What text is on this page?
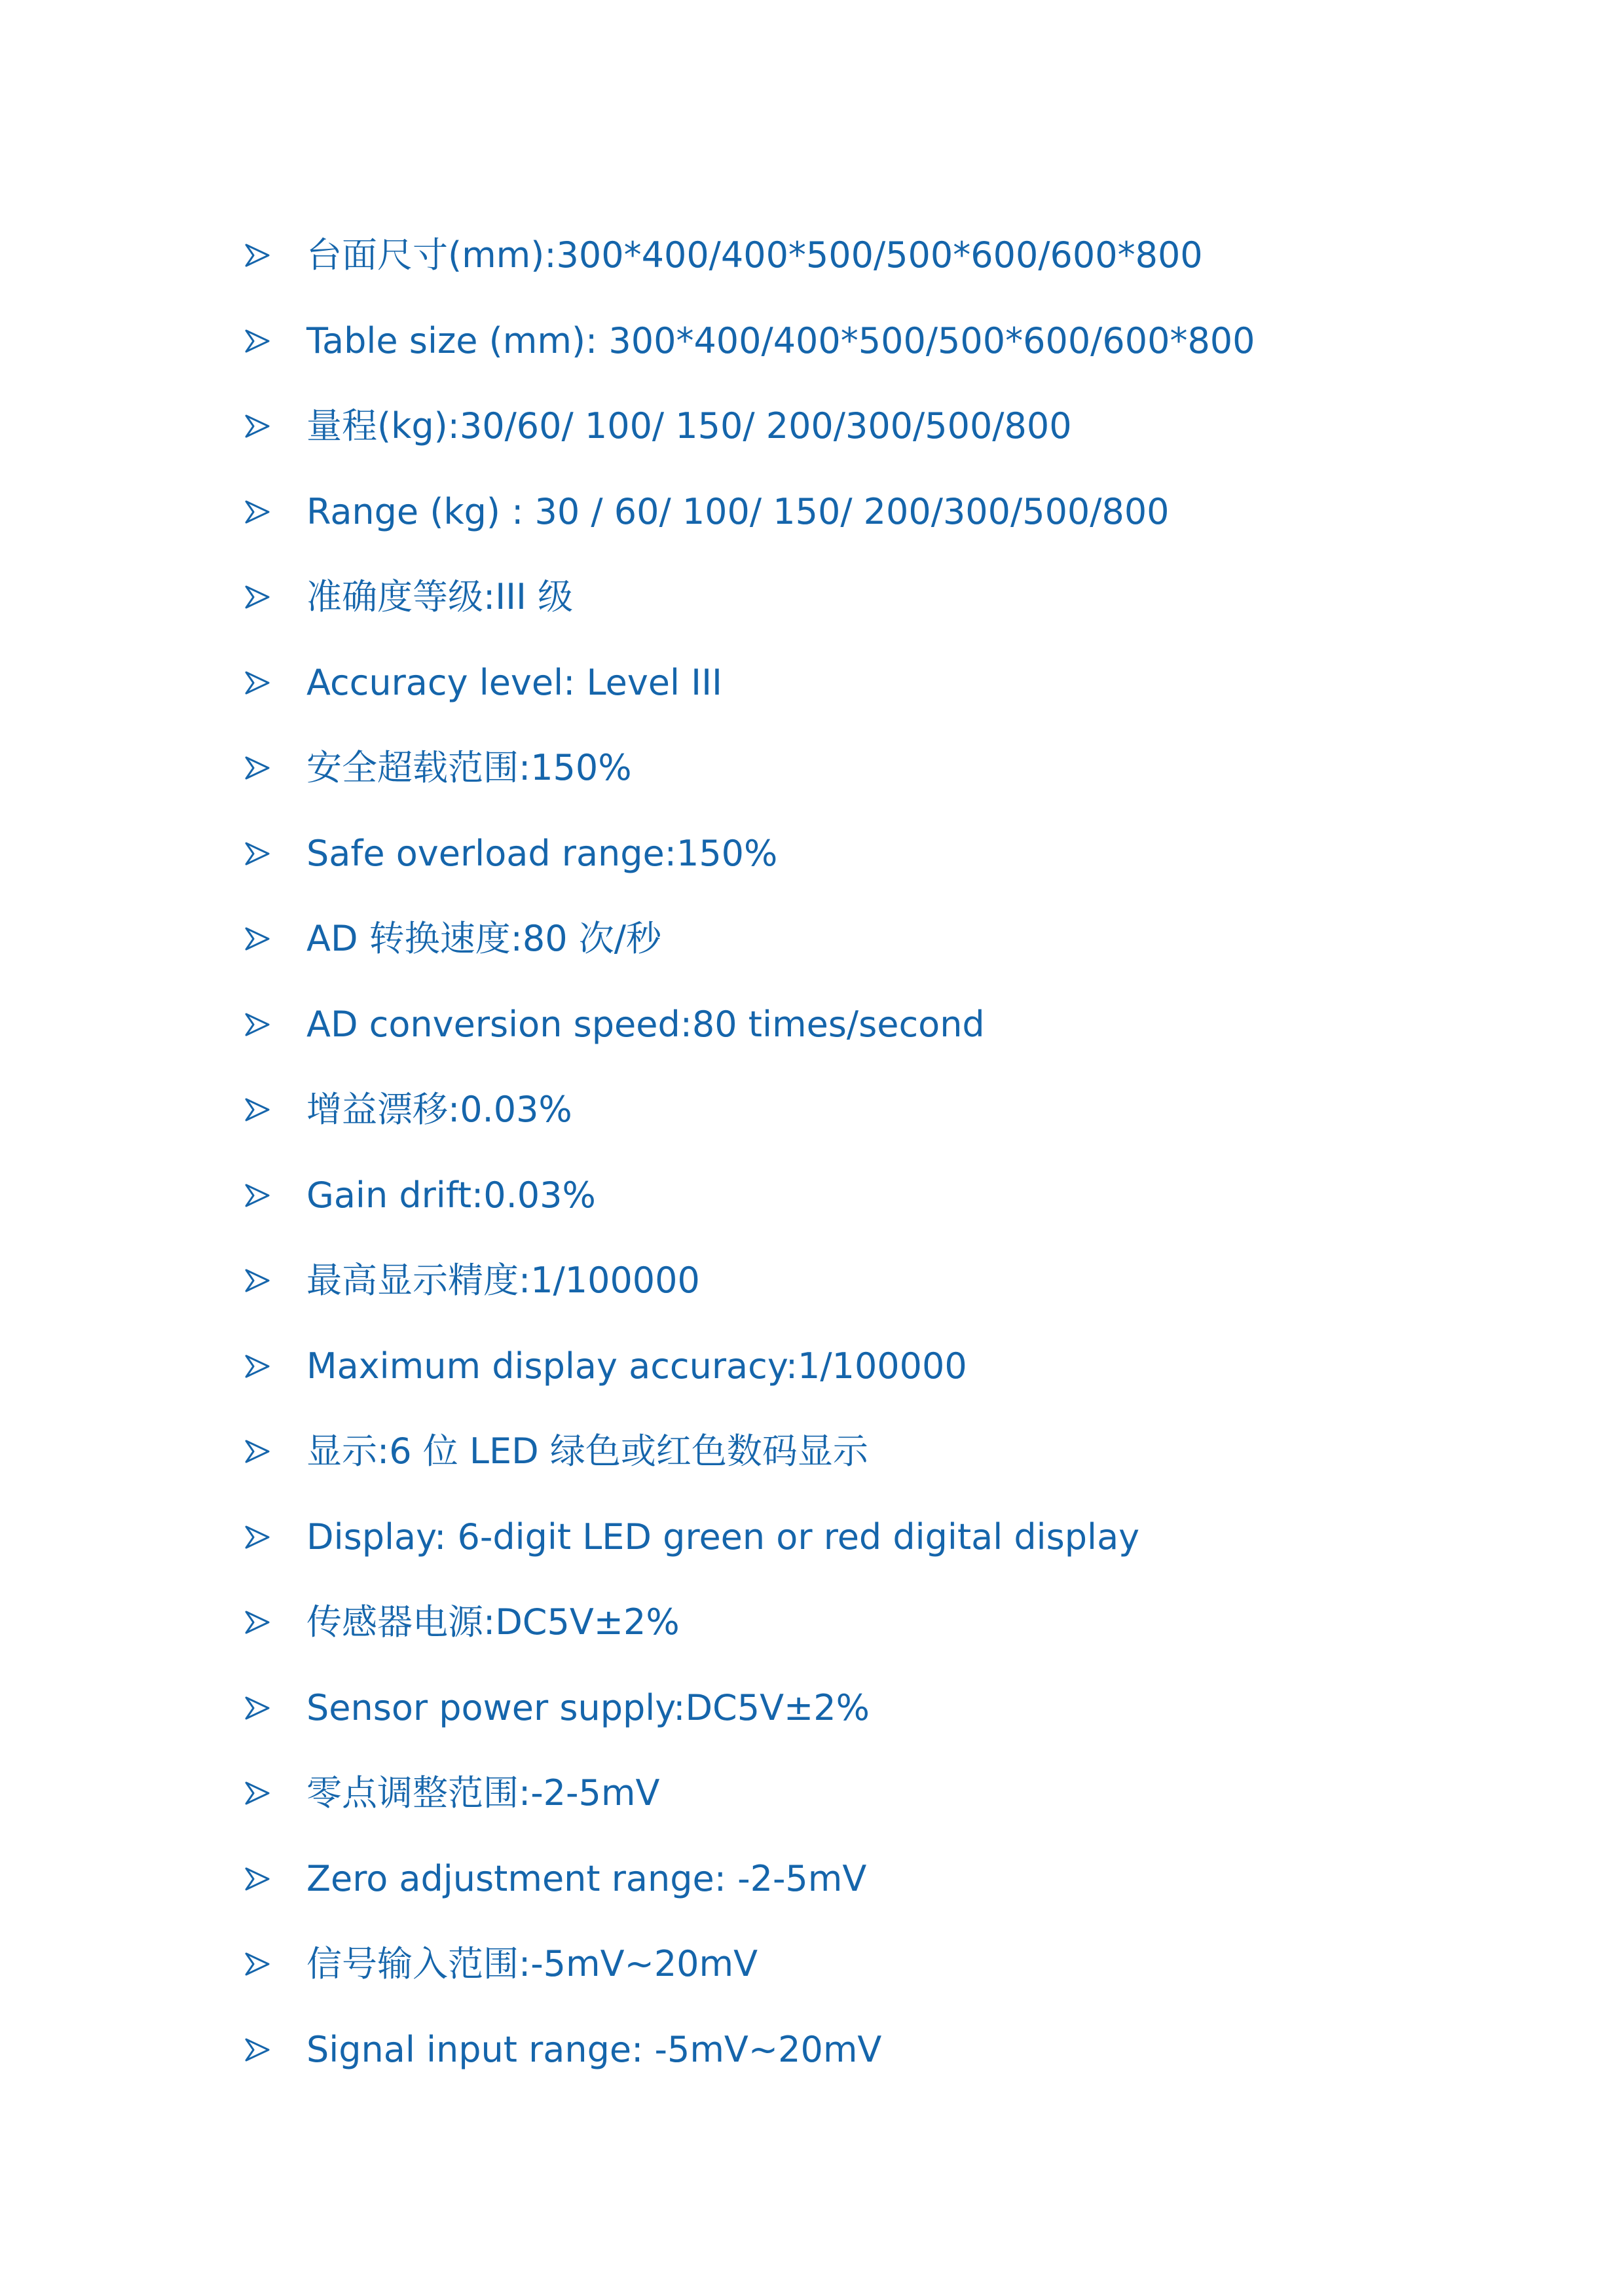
台面尺寸(mm):300*400/400*500/500*600/600*800
Table size (mm): 300*400/400*500/500*600/600*800
量程(kg):30/60/ 100/ 150/ 200/300/500/800
Range (kg) : 30 / 60/ 100/ 150/ 200/300/500/800
准确度等级:III 级
Accuracy level: Level III
安全超载范围:150%
Safe overload range:150%
AD 转换速度:80 次/秒
AD conversion speed:80 times/second
增益漂移:0.03%
Gain drift:0.03%
最高显示精度:1/100000
Maximum display accuracy:1/100000
显示:6 位 LED 绿色或红色数码显示
Display: 6-digit LED green or red digital display
传感器电源:DC5V±2%
Sensor power supply:DC5V±2%
零点调整范围:-2-5mV
Zero adjustment range: -2-5mV
信号输入范围:-5mV~20mV
Signal input range: -5mV~20mV
